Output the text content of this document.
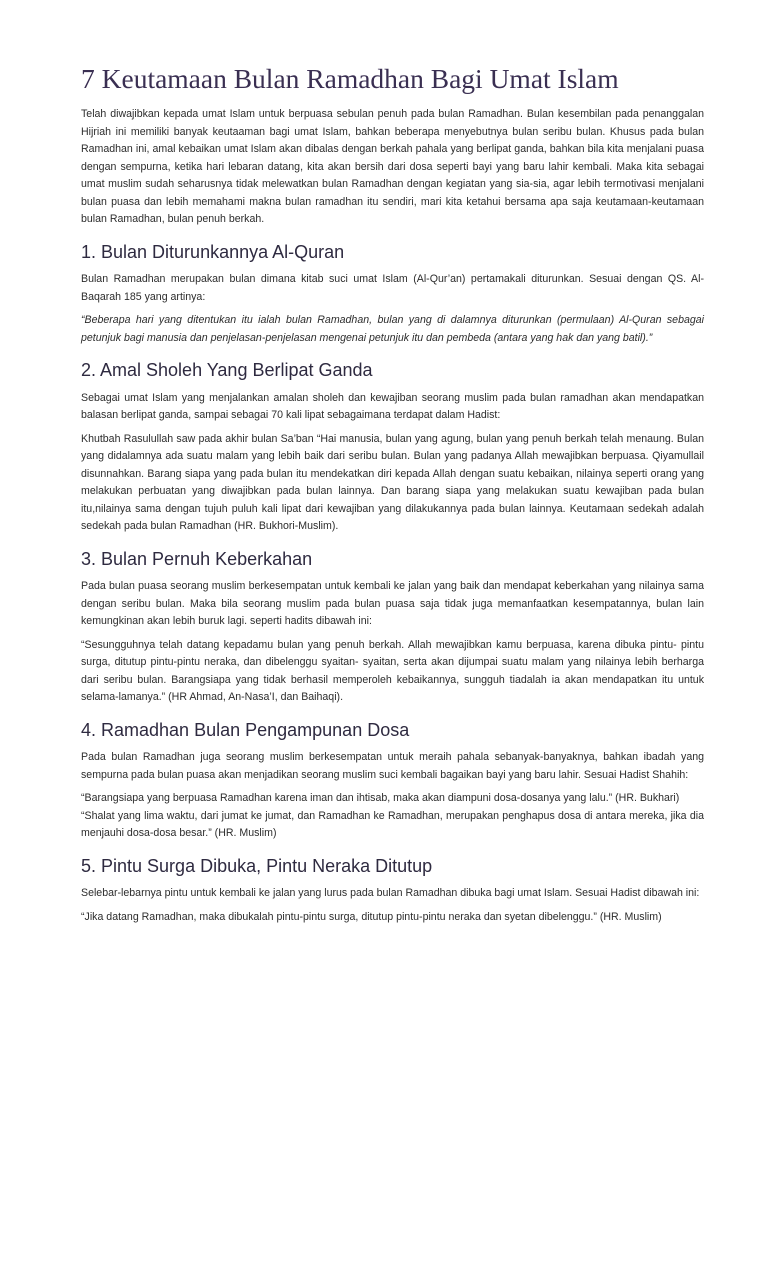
7 Keutamaan Bulan Ramadhan Bagi Umat Islam

Telah diwajibkan kepada umat Islam untuk berpuasa sebulan penuh pada bulan Ramadhan. Bulan kesembilan pada penanggalan Hijriah ini memiliki banyak keutaaman bagi umat Islam, bahkan beberapa menyebutnya bulan seribu bulan. Khusus pada bulan Ramadhan ini, amal kebaikan umat Islam akan dibalas dengan berkah pahala yang berlipat ganda, bahkan bila kita menjalani puasa dengan sempurna, ketika hari lebaran datang, kita akan bersih dari dosa seperti bayi yang baru lahir kembali. Maka kita sebagai umat muslim sudah seharusnya tidak melewatkan bulan Ramadhan dengan kegiatan yang sia-sia, agar lebih termotivasi menjalani bulan puasa dan lebih memahami makna bulan ramadhan itu sendiri, mari kita ketahui bersama apa saja keutamaan-keutamaan bulan Ramadhan, bulan penuh berkah.

1. Bulan Diturunkannya Al-Quran

Bulan Ramadhan merupakan bulan dimana kitab suci umat Islam (Al-Qur’an) pertamakali diturunkan. Sesuai dengan QS. Al-Baqarah 185 yang artinya:

“Beberapa hari yang ditentukan itu ialah bulan Ramadhan, bulan yang di dalamnya diturunkan (permulaan) Al-Quran sebagai petunjuk bagi manusia dan penjelasan-penjelasan mengenai petunjuk itu dan pembeda (antara yang hak dan yang batil).”

2. Amal Sholeh Yang Berlipat Ganda

Sebagai umat Islam yang menjalankan amalan sholeh dan kewajiban seorang muslim pada bulan ramadhan akan mendapatkan balasan berlipat ganda, sampai sebagai 70 kali lipat sebagaimana terdapat dalam Hadist:

Khutbah Rasulullah saw pada akhir bulan Sa’ban “Hai manusia, bulan yang agung, bulan yang penuh berkah telah menaung. Bulan yang didalamnya ada suatu malam yang lebih baik dari seribu bulan. Bulan yang padanya Allah mewajibkan berpuasa. Qiyamullail disunnahkan. Barang siapa yang pada bulan itu mendekatkan diri kepada Allah dengan suatu kebaikan, nilainya seperti orang yang melakukan perbuatan yang diwajibkan pada bulan lainnya. Dan barang siapa yang melakukan suatu kewajiban pada bulan itu,nilainya sama dengan tujuh puluh kali lipat dari kewajiban yang dilakukannya pada bulan lainnya. Keutamaan sedekah adalah sedekah pada bulan Ramadhan (HR. Bukhori-Muslim).

3. Bulan Pernuh Keberkahan

Pada bulan puasa seorang muslim berkesempatan untuk kembali ke jalan yang baik dan mendapat keberkahan yang nilainya sama dengan seribu bulan. Maka bila seorang muslim pada bulan puasa saja tidak juga memanfaatkan kesempatannya, bulan lain kemungkinan akan lebih buruk lagi. seperti hadits dibawah ini:

“Sesungguhnya telah datang kepadamu bulan yang penuh berkah. Allah mewajibkan kamu berpuasa, karena dibuka pintu- pintu surga, ditutup pintu-pintu neraka, dan dibelenggu syaitan- syaitan, serta akan dijumpai suatu malam yang nilainya lebih berharga dari seribu bulan. Barangsiapa yang tidak berhasil memperoleh kebaikannya, sungguh tiadalah ia akan mendapatkan itu untuk selama-lamanya.” (HR Ahmad, An-Nasa’I, dan Baihaqi).

4. Ramadhan Bulan Pengampunan Dosa

Pada bulan Ramadhan juga seorang muslim berkesempatan untuk meraih pahala sebanyak-banyaknya, bahkan ibadah yang sempurna pada bulan puasa akan menjadikan seorang muslim suci kembali bagaikan bayi yang baru lahir. Sesuai Hadist Shahih:

“Barangsiapa yang berpuasa Ramadhan karena iman dan ihtisab, maka akan diampuni dosa-dosanya yang lalu.” (HR. Bukhari)

“Shalat yang lima waktu, dari jumat ke jumat, dan Ramadhan ke Ramadhan, merupakan penghapus dosa di antara mereka, jika dia menjauhi dosa-dosa besar.” (HR. Muslim)

5. Pintu Surga Dibuka, Pintu Neraka Ditutup

Selebar-lebarnya pintu untuk kembali ke jalan yang lurus pada bulan Ramadhan dibuka bagi umat Islam. Sesuai Hadist dibawah ini:

“Jika datang Ramadhan, maka dibukalah pintu-pintu surga, ditutup pintu-pintu neraka dan syetan dibelenggu.” (HR. Muslim)
